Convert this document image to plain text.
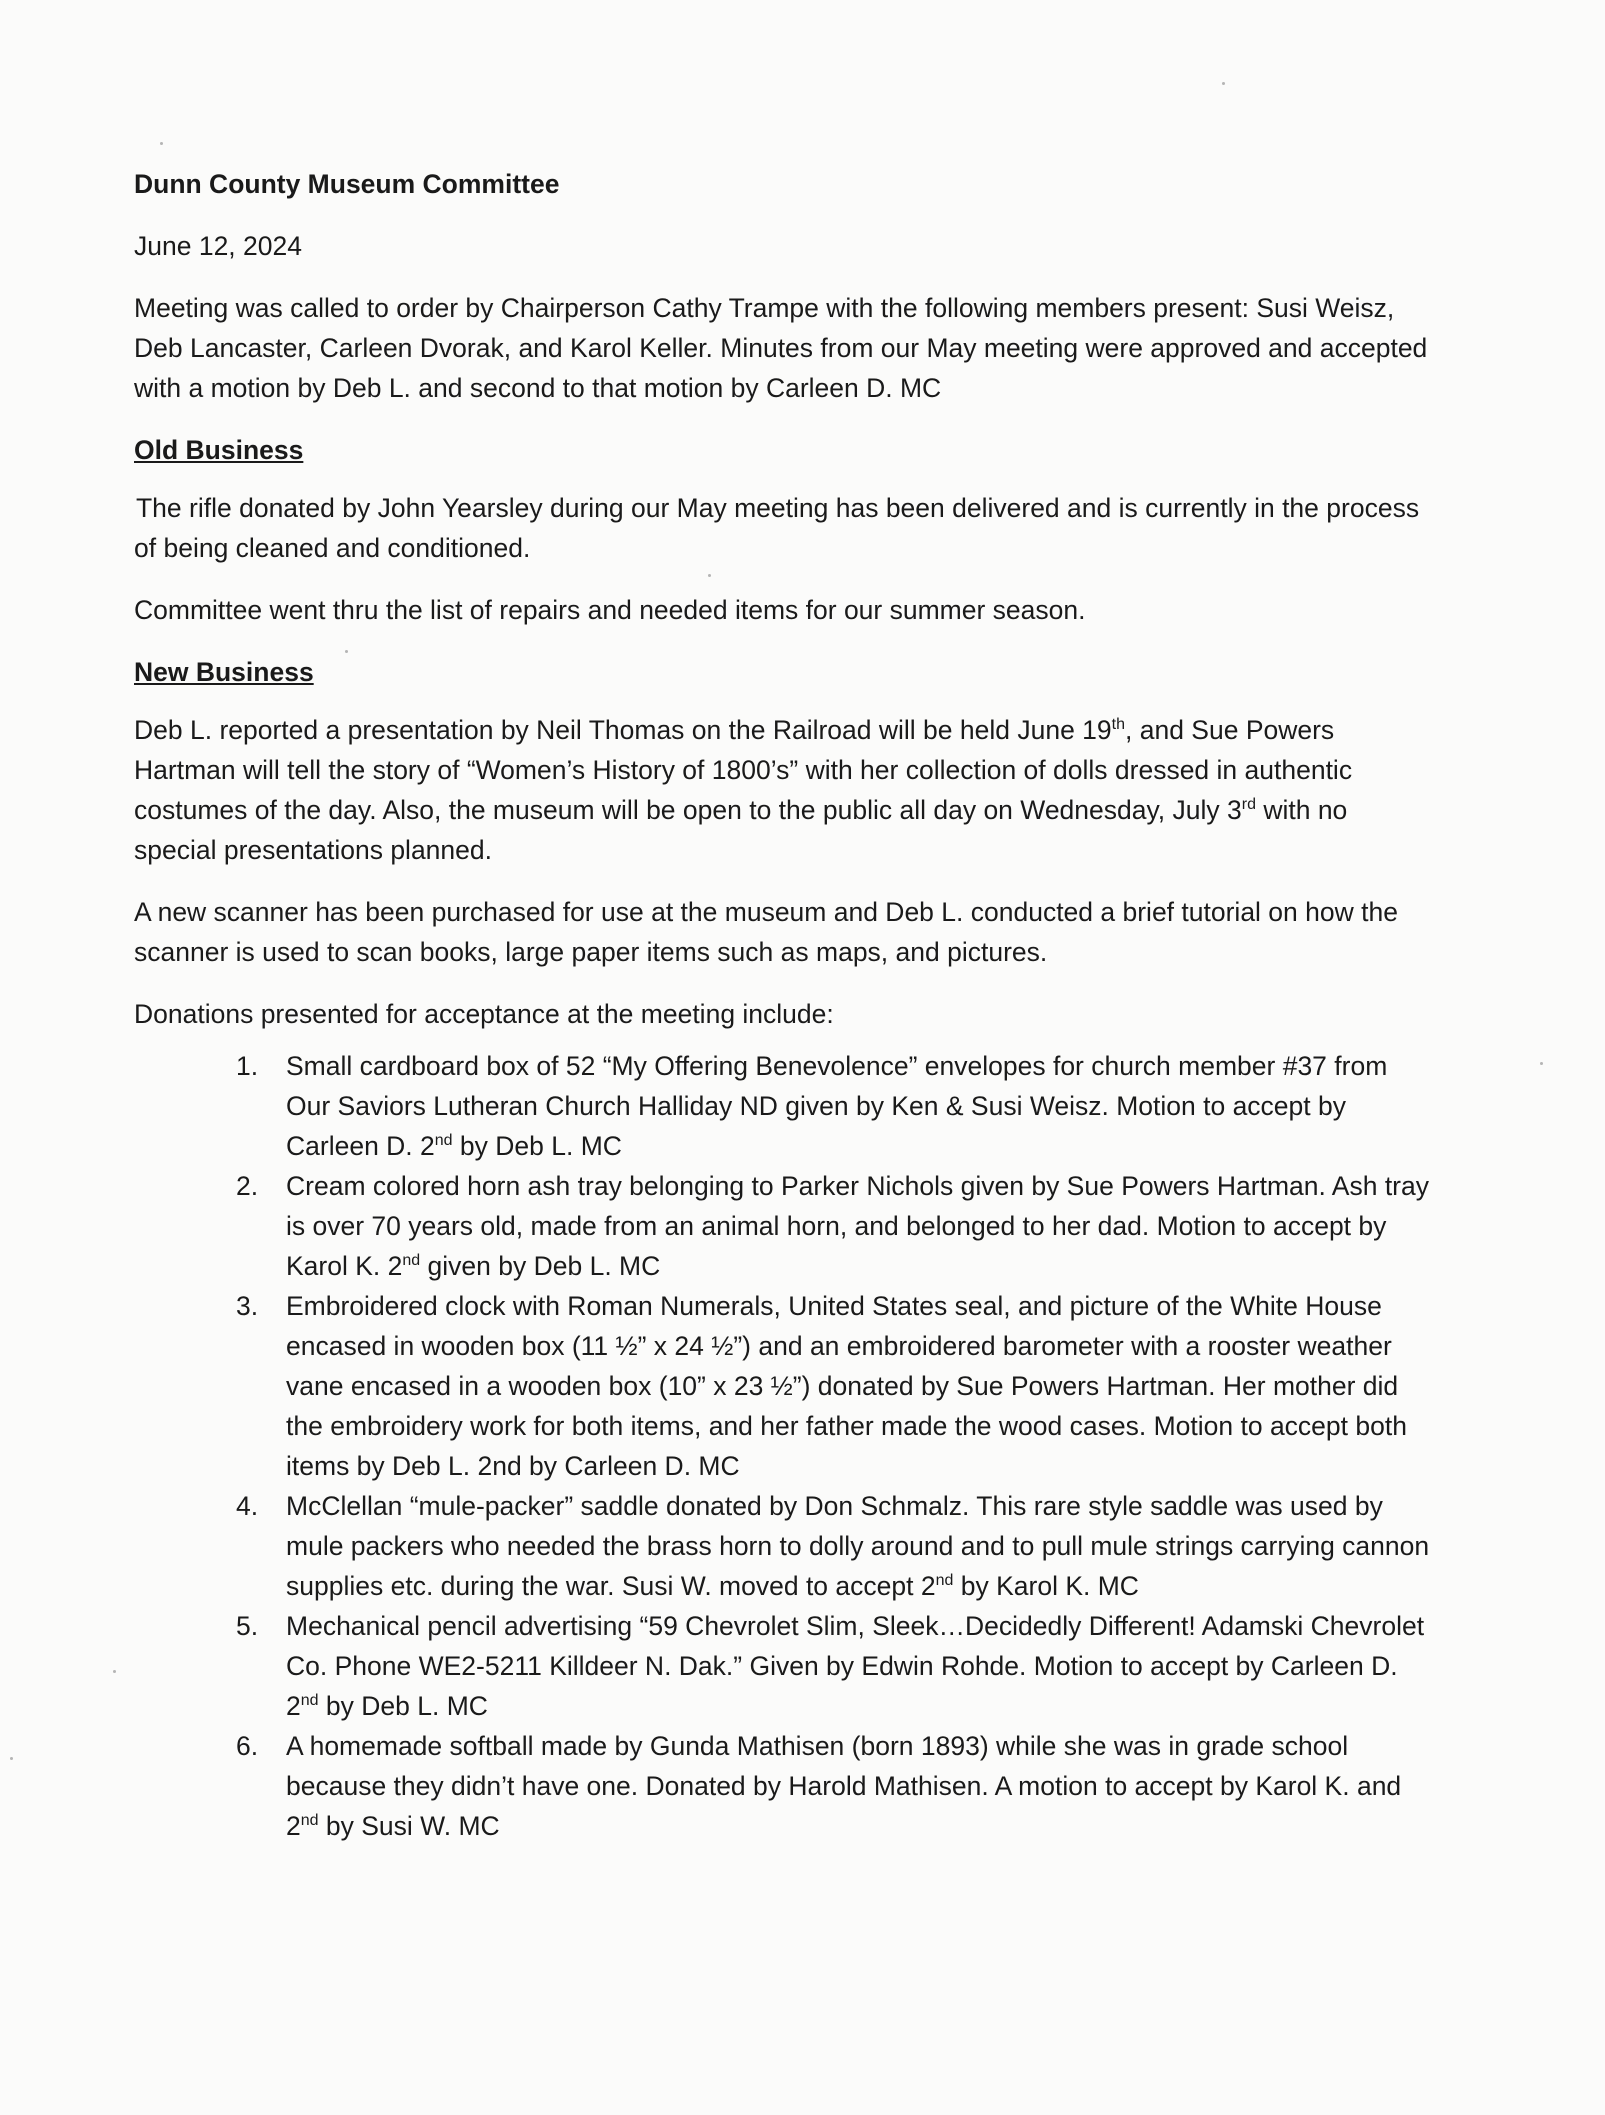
Dunn County Museum Committee
June 12, 2024

Meeting was called to order by Chairperson Cathy Trampe with the following members present: Susi Weisz, Deb Lancaster, Carleen Dvorak, and Karol Keller. Minutes from our May meeting were approved and accepted with a motion by Deb L. and second to that motion by Carleen D. MC

Old Business

The rifle donated by John Yearsley during our May meeting has been delivered and is currently in the process of being cleaned and conditioned.

Committee went thru the list of repairs and needed items for our summer season.

New Business

Deb L. reported a presentation by Neil Thomas on the Railroad will be held June 19th, and Sue Powers Hartman will tell the story of “Women’s History of 1800’s” with her collection of dolls dressed in authentic costumes of the day. Also, the museum will be open to the public all day on Wednesday, July 3rd with no special presentations planned.

A new scanner has been purchased for use at the museum and Deb L. conducted a brief tutorial on how the scanner is used to scan books, large paper items such as maps, and pictures.

Donations presented for acceptance at the meeting include:

1. Small cardboard box of 52 “My Offering Benevolence” envelopes for church member #37 from Our Saviors Lutheran Church Halliday ND given by Ken & Susi Weisz. Motion to accept by Carleen D. 2nd by Deb L. MC
2. Cream colored horn ash tray belonging to Parker Nichols given by Sue Powers Hartman. Ash tray is over 70 years old, made from an animal horn, and belonged to her dad. Motion to accept by Karol K. 2nd given by Deb L. MC
3. Embroidered clock with Roman Numerals, United States seal, and picture of the White House encased in wooden box (11 ½” x 24 ½”) and an embroidered barometer with a rooster weather vane encased in a wooden box (10” x 23 ½”) donated by Sue Powers Hartman. Her mother did the embroidery work for both items, and her father made the wood cases. Motion to accept both items by Deb L. 2nd by Carleen D. MC
4. McClellan “mule-packer” saddle donated by Don Schmalz. This rare style saddle was used by mule packers who needed the brass horn to dolly around and to pull mule strings carrying cannon supplies etc. during the war. Susi W. moved to accept 2nd by Karol K. MC
5. Mechanical pencil advertising “59 Chevrolet Slim, Sleek…Decidedly Different! Adamski Chevrolet Co. Phone WE2-5211 Killdeer N. Dak.” Given by Edwin Rohde. Motion to accept by Carleen D. 2nd by Deb L. MC
6. A homemade softball made by Gunda Mathisen (born 1893) while she was in grade school because they didn’t have one. Donated by Harold Mathisen. A motion to accept by Karol K. and 2nd by Susi W. MC
